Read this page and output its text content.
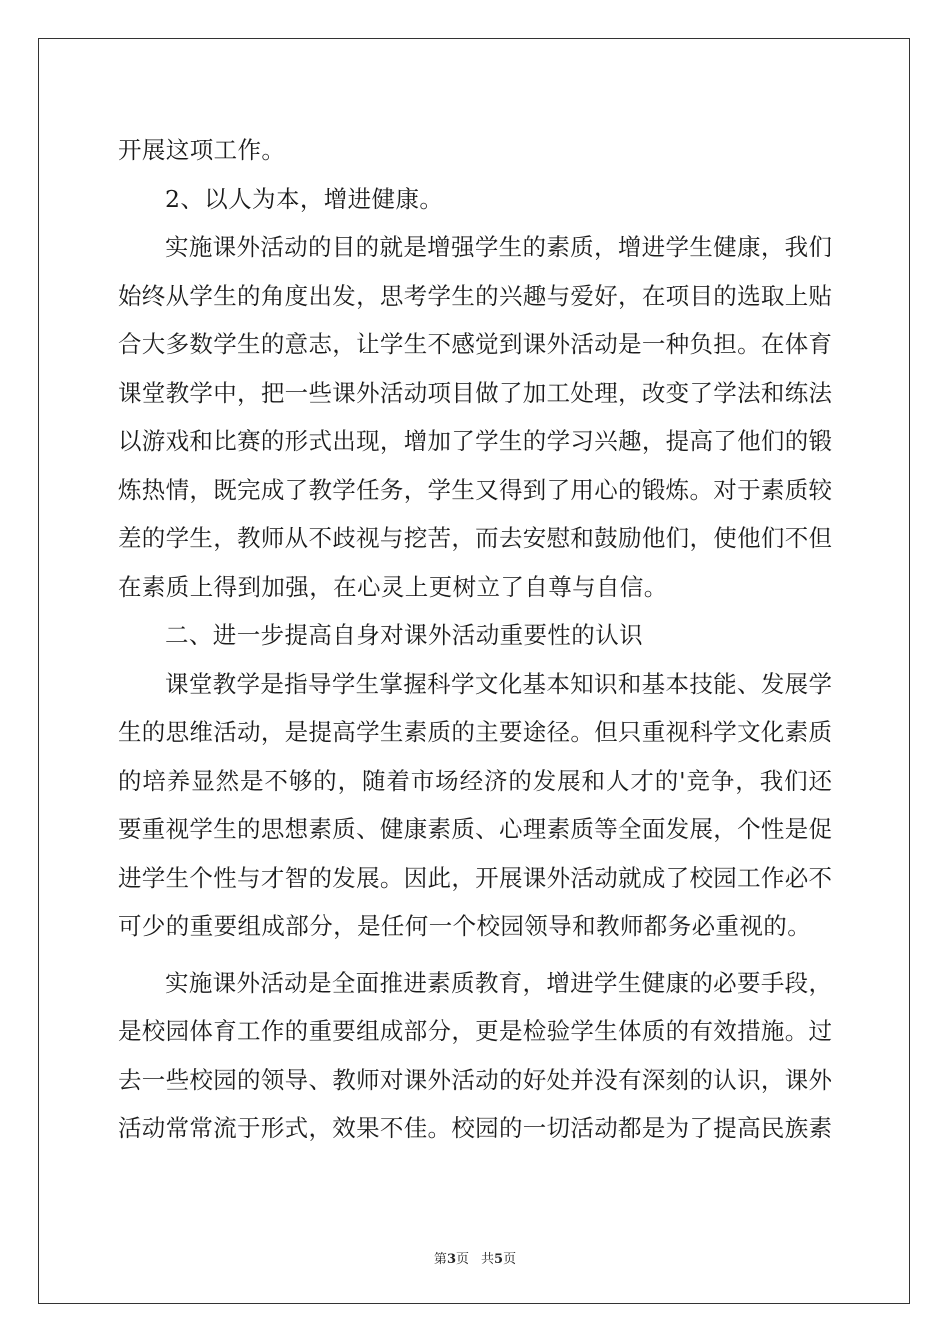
开展这项工作。
2、以人为本，增进健康。
实施课外活动的目的就是增强学生的素质，增进学生健康，我们
始终从学生的角度出发，思考学生的兴趣与爱好，在项目的选取上贴
合大多数学生的意志，让学生不感觉到课外活动是一种负担。在体育
课堂教学中，把一些课外活动项目做了加工处理，改变了学法和练法
以游戏和比赛的形式出现，增加了学生的学习兴趣，提高了他们的锻
炼热情，既完成了教学任务，学生又得到了用心的锻炼。对于素质较
差的学生，教师从不歧视与挖苦，而去安慰和鼓励他们，使他们不但
在素质上得到加强，在心灵上更树立了自尊与自信。
二、进一步提高自身对课外活动重要性的认识
课堂教学是指导学生掌握科学文化基本知识和基本技能、发展学
生的思维活动，是提高学生素质的主要途径。但只重视科学文化素质
的培养显然是不够的，随着市场经济的发展和人才的'竞争，我们还
要重视学生的思想素质、健康素质、心理素质等全面发展，个性是促
进学生个性与才智的发展。因此，开展课外活动就成了校园工作必不
可少的重要组成部分，是任何一个校园领导和教师都务必重视的。
实施课外活动是全面推进素质教育，增进学生健康的必要手段，
是校园体育工作的重要组成部分，更是检验学生体质的有效措施。过
去一些校园的领导、教师对课外活动的好处并没有深刻的认识，课外
活动常常流于形式，效果不佳。校园的一切活动都是为了提高民族素
第3页 共5页
